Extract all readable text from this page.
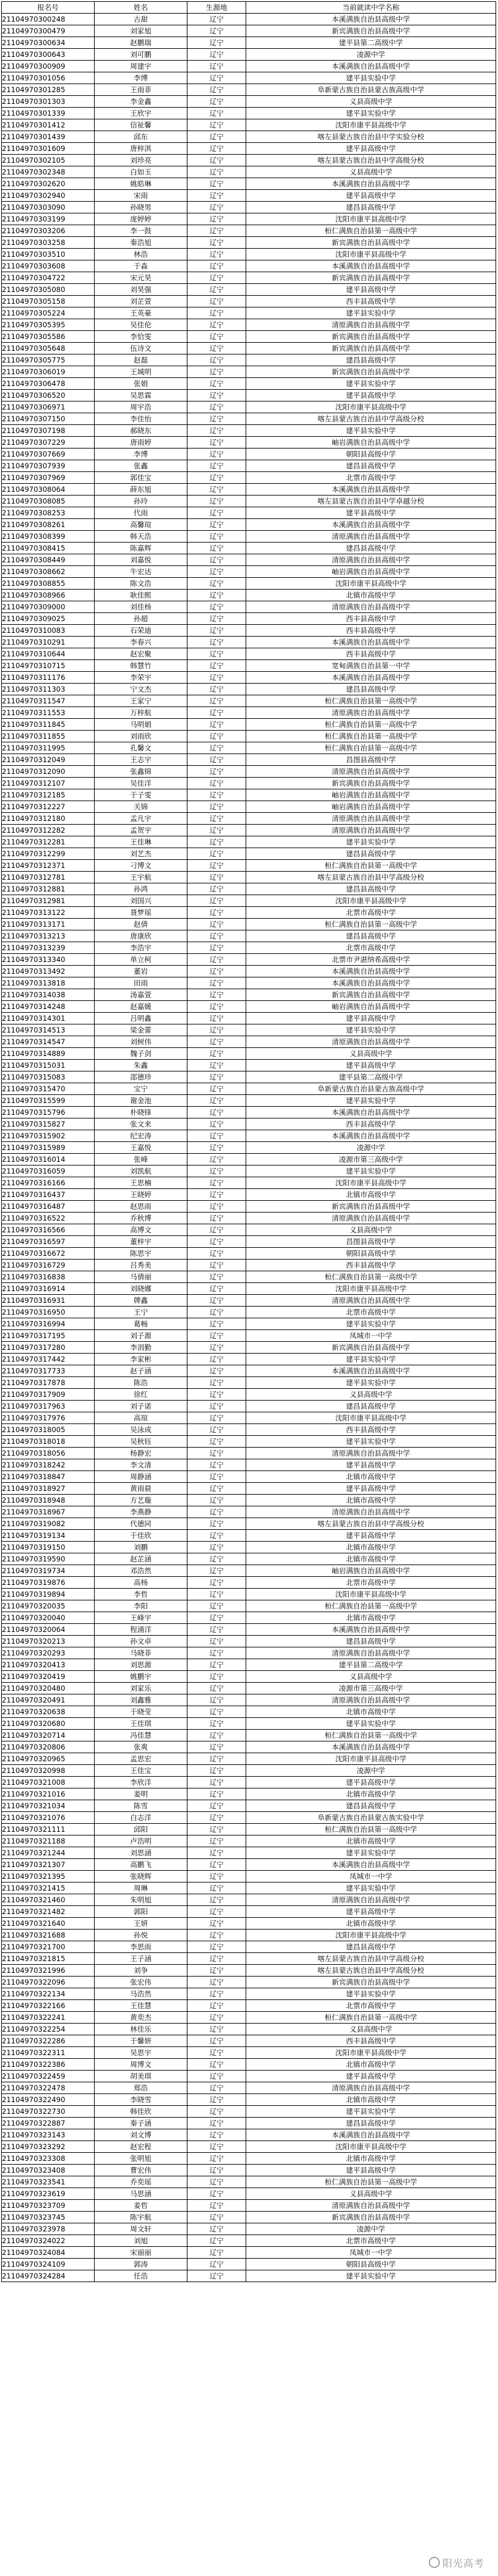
报名号	姓名	生源地	当前就读中学名称
21104970300248	古甜	辽宁	本溪满族自治县高级中学
21104970300479	刘家旭	辽宁	新宾满族自治县高级中学
21104970300634	赵鹏瑞	辽宁	建平县第二高级中学
21104970300643	刘可鹏	辽宁	凌源中学
21104970300909	周建宇	辽宁	本溪满族自治县高级中学
21104970301056	李博	辽宁	建平县实验中学
21104970301285	王雨菲	辽宁	阜新蒙古族自治县蒙古族高级中学
21104970301303	李金鑫	辽宁	义县高级中学
21104970301339	王欣宇	辽宁	建平县实验中学
21104970301412	信祉馨	辽宁	沈阳市康平县高级中学
21104970301439	邱东	辽宁	喀左县蒙古族自治县中学实验分校
21104970301609	唐梓淇	辽宁	建平县高级中学
21104970302105	刘珍亮	辽宁	喀左县蒙古族自治县中学高级分校
21104970302348	白如玉	辽宁	义县高级中学
21104970302620	姚皓琳	辽宁	本溪满族自治县高级中学
21104970302940	宋雨	辽宁	建平县高级中学
21104970303090	孙晓男	辽宁	建昌县高级中学
21104970303199	庞婷婷	辽宁	沈阳市康平县高级中学
21104970303206	李一鼓	辽宁	桓仁满族自治县第一高级中学
21104970303258	秦浩旭	辽宁	新宾满族自治县高级中学
21104970303510	林浩	辽宁	沈阳市康平县高级中学
21104970303608	于淼	辽宁	本溪满族自治县高级中学
21104970304722	宋元昊	辽宁	新宾满族自治县高级中学
21104970305080	刘昊强	辽宁	建平县高级中学
21104970305158	刘芷萱	辽宁	西丰县高级中学
21104970305224	王英豪	辽宁	建平县实验中学
21104970305395	吴佳伦	辽宁	清原满族自治县高级中学
21104970305586	李恰雯	辽宁	新宾满族自治县高级中学
21104970305648	伍诗文	辽宁	新宾满族自治县高级中学
21104970305775	赵磊	辽宁	建昌县高级中学
21104970306019	王城明	辽宁	新宾满族自治县高级中学
21104970306478	张娟	辽宁	建平县实验中学
21104970306520	吴思霖	辽宁	建平县高级中学
21104970306971	周宇浩	辽宁	沈阳市康平县高级中学
21104970307150	李佳怡	辽宁	喀左县蒙古族自治县中学高级分校
21104970307198	郝晓东	辽宁	建平县实验中学
21104970307229	唐雨婷	辽宁	岫岩满族自治县高级中学
21104970307669	李博	辽宁	朝阳县高级中学
21104970307939	张鑫	辽宁	建昌县高级中学
21104970307969	郭佳宝	辽宁	北票市高级中学
21104970308064	薛东旭	辽宁	本溪满族自治县高级中学
21104970308085	孙玲	辽宁	喀左县蒙古族自治县中学卓越分校
21104970308253	代雨	辽宁	建平县高级中学
21104970308261	高馨瑄	辽宁	本溪满族自治县高级中学
21104970308399	韩天浩	辽宁	清原满族自治县高级中学
21104970308415	陈嘉辉	辽宁	建昌县高级中学
21104970308449	刘嘉悦	辽宁	清原满族自治县高级中学
21104970308662	牛宏达	辽宁	岫岩满族自治县高级中学
21104970308855	陈文浩	辽宁	沈阳市康平县高级中学
21104970308966	耿佳熙	辽宁	北镇市高级中学
21104970309000	刘佳杨	辽宁	清原满族自治县高级中学
21104970309025	孙超	辽宁	西丰县高级中学
21104970310083	石荣迪	辽宁	西丰县高级中学
21104970310291	李春兴	辽宁	本溪满族自治县高级中学
21104970310644	赵宏聚	辽宁	西丰县高级中学
21104970310715	韩慧竹	辽宁	宽甸满族自治县第一中学
21104970311176	李荣宇	辽宁	本溪满族自治县高级中学
21104970311303	宁文杰	辽宁	建昌县高级中学
21104970311547	王家宁	辽宁	桓仁满族自治县第一高级中学
21104970311553	万梓航	辽宁	清原满族自治县高级中学
21104970311845	马明娟	辽宁	桓仁满族自治县第一高级中学
21104970311855	刘雨欣	辽宁	桓仁满族自治县第一高级中学
21104970311995	孔馨文	辽宁	桓仁满族自治县第一高级中学
21104970312049	王志宇	辽宁	昌图县高级中学
21104970312090	张鑫锦	辽宁	清原满族自治县高级中学
21104970312107	吴佳洋	辽宁	新宾满族自治县高级中学
21104970312185	于子雯	辽宁	岫岩满族自治县高级中学
21104970312227	关锦	辽宁	岫岩满族自治县高级中学
21104970312180	孟凡宇	辽宁	清原满族自治县高级中学
21104970312282	孟贺宇	辽宁	清原满族自治县高级中学
21104970312281	王佳琳	辽宁	建平县实验中学
21104970312299	刘艺杰	辽宁	建昌县高级中学
21104970312371	刁博文	辽宁	桓仁满族自治县第一高级中学
21104970312781	王宇航	辽宁	喀左县蒙古族自治县中学高级分校
21104970312881	孙鸿	辽宁	建昌县高级中学
21104970312981	刘国兴	辽宁	沈阳市康平县高级中学
21104970313122	聂梦瑶	辽宁	北票市高级中学
21104970313171	赵倩	辽宁	桓仁满族自治县第一高级中学
21104970313213	唐康欣	辽宁	建昌县高级中学
21104970313239	李浩宇	辽宁	北票市高级中学
21104970313340	单立柯	辽宁	北票市尹湛纳希高级中学
21104970313492	董岩	辽宁	本溪满族自治县高级中学
21104970313818	田雨	辽宁	本溪满族自治县高级中学
21104970314038	汤嘉萱	辽宁	新宾满族自治县高级中学
21104970314248	赵嘉媛	辽宁	岫岩满族自治县高级中学
21104970314301	吕明鑫	辽宁	建平县高级中学
21104970314513	梁金蕾	辽宁	建平县实验中学
21104970314547	刘树伟	辽宁	清原满族自治县高级中学
21104970314889	魏子剑	辽宁	义县高级中学
21104970315031	朱鑫	辽宁	建平县高级中学
21104970315083	邵德珍	辽宁	建平县第二高级中学
21104970315470	宝宁	辽宁	阜新蒙古族自治县蒙古族高级中学
21104970315599	谢金池	辽宁	建平县实验中学
21104970315796	朴晓锋	辽宁	本溪满族自治县高级中学
21104970315827	张文来	辽宁	西丰县高级中学
21104970315902	纪宏涛	辽宁	本溪满族自治县高级中学
21104970315989	王嘉悦	辽宁	凌源中学
21104970316014	张峰	辽宁	凌源市第三高级中学
21104970316059	刘凯航	辽宁	建平县实验中学
21104970316166	王思楠	辽宁	沈阳市康平县高级中学
21104970316437	王晓婷	辽宁	北镇市高级中学
21104970316487	赵思雨	辽宁	新宾满族自治县高级中学
21104970316522	乔秋博	辽宁	清原满族自治县高级中学
21104970316566	高博文	辽宁	义县高级中学
21104970316597	董梓宇	辽宁	昌图县高级中学
21104970316672	陈思宇	辽宁	朝阳县高级中学
21104970316729	吕秀美	辽宁	西丰县高级中学
21104970316838	马倩丽	辽宁	桓仁满族自治县第一高级中学
21104970316914	刘晓娜	辽宁	沈阳市康平县高级中学
21104970316931	牌鑫	辽宁	清原满族自治县高级中学
21104970316950	王宁	辽宁	北票市高级中学
21104970316994	葛畅	辽宁	建平县实验中学
21104970317195	刘子源	辽宁	凤城市一中学
21104970317280	李涓勤	辽宁	新宾满族自治县高级中学
21104970317442	李家彬	辽宁	建平县实验中学
21104970317733	赵子涵	辽宁	本溪满族自治县高级中学
21104970317878	陈浩	辽宁	建平县实验中学
21104970317909	徐红	辽宁	义县高级中学
21104970317963	刘子诺	辽宁	建昌县高级中学
21104970317976	高瑄	辽宁	沈阳市康平县高级中学
21104970318005	吴泳成	辽宁	西丰县高级中学
21104970318018	吴秋钰	辽宁	建平县实验中学
21104970318056	杨静宏	辽宁	清原满族自治县高级中学
21104970318242	李文清	辽宁	建平县高级中学
21104970318847	周静涵	辽宁	北镇市高级中学
21104970318927	黄雨晨	辽宁	建平县高级中学
21104970318948	方艺璇	辽宁	北镇市高级中学
21104970318967	李燕静	辽宁	清原满族自治县高级中学
21104970319082	代德同	辽宁	喀左县蒙古族自治县中学高级分校
21104970319134	于佳欣	辽宁	建平县高级中学
21104970319150	刘鹏	辽宁	北镇市高级中学
21104970319590	赵芷涵	辽宁	北镇市高级中学
21104970319734	邓浩然	辽宁	岫岩满族自治县高级中学
21104970319876	高杨	辽宁	北票市高级中学
21104970319894	李哲	辽宁	沈阳市康平县高级中学
21104970320035	李阳	辽宁	桓仁满族自治县第一高级中学
21104970320040	王峰宇	辽宁	北镇市高级中学
21104970320064	程涌洋	辽宁	本溪满族自治县高级中学
21104970320213	孙文卓	辽宁	建昌县高级中学
21104970320293	马晓菲	辽宁	清原满族自治县高级中学
21104970320413	刘思源	辽宁	建平县第二高级中学
21104970320419	姚鹏宇	辽宁	义县高级中学
21104970320480	刘家乐	辽宁	凌源市第三高级中学
21104970320491	刘鑫雅	辽宁	清原满族自治县高级中学
21104970320638	于晓莹	辽宁	北镇市高级中学
21104970320680	王佳琪	辽宁	建平县实验中学
21104970320714	冯佳慧	辽宁	桓仁满族自治县第一高级中学
21104970320806	张爽	辽宁	本溪满族自治县高级中学
21104970320965	孟思宏	辽宁	沈阳市康平县高级中学
21104970320998	王佳宝	辽宁	凌源中学
21104970321008	李欣洋	辽宁	建平县高级中学
21104970321016	姜明	辽宁	北镇市高级中学
21104970321034	陈雪	辽宁	建昌县高级中学
21104970321076	白志洋	辽宁	阜新蒙古族自治县蒙古族实验中学
21104970321111	邱阳	辽宁	桓仁满族自治县第一高级中学
21104970321188	卢浩明	辽宁	北镇市高级中学
21104970321244	刘思涵	辽宁	建平县实验中学
21104970321307	高鹏飞	辽宁	本溪满族自治县高级中学
21104970321395	张晓辉	辽宁	凤城市一中学
21104970321415	周琳	辽宁	建平县实验中学
21104970321460	朱明旭	辽宁	清原满族自治县高级中学
21104970321482	郭阳	辽宁	建平县高级中学
21104970321640	王妍	辽宁	北镇市高级中学
21104970321688	孙悦	辽宁	沈阳市康平县高级中学
21104970321700	李思雨	辽宁	建昌县高级中学
21104970321815	王子涵	辽宁	喀左县蒙古族自治县中学高级分校
21104970321996	刘争	辽宁	喀左县蒙古族自治县中学高级分校
21104970322096	张宏伟	辽宁	新宾满族自治县高级中学
21104970322134	马浩然	辽宁	建平县实验中学
21104970322166	王佳慧	辽宁	北票市高级中学
21104970322241	黄奕杰	辽宁	桓仁满族自治县第一高级中学
21104970322254	林佳乐	辽宁	义县高级中学
21104970322286	于馨妍	辽宁	西丰县高级中学
21104970322311	吴思宇	辽宁	沈阳市康平县高级中学
21104970322386	周博文	辽宁	北镇市高级中学
21104970322459	胡美琪	辽宁	建平县高级中学
21104970322478	郑浩	辽宁	清原满族自治县高级中学
21104970322490	李晓雪	辽宁	北镇市高级中学
21104970322730	韩佳欣	辽宁	建平县实验中学
21104970322887	秦子涵	辽宁	建昌县高级中学
21104970323143	刘文博	辽宁	本溪满族自治县高级中学
21104970323292	赵宏程	辽宁	沈阳市康平县高级中学
21104970323308	张明旭	辽宁	北镇市高级中学
21104970323408	曹宏伟	辽宁	建平县高级中学
21104970323541	乔奕瑶	辽宁	桓仁满族自治县第一高级中学
21104970323619	马思涵	辽宁	义县高级中学
21104970323709	姜哲	辽宁	清原满族自治县高级中学
21104970323745	陈宇航	辽宁	新宾满族自治县高级中学
21104970323978	周文轩	辽宁	凌源中学
21104970324022	刘旭	辽宁	北票市高级中学
21104970324084	宋丽丽	辽宁	凤城市一中学
21104970324109	郭涛	辽宁	朝阳县高级中学
21104970324284	任浩	辽宁	建平县实验中学
阳光高考
